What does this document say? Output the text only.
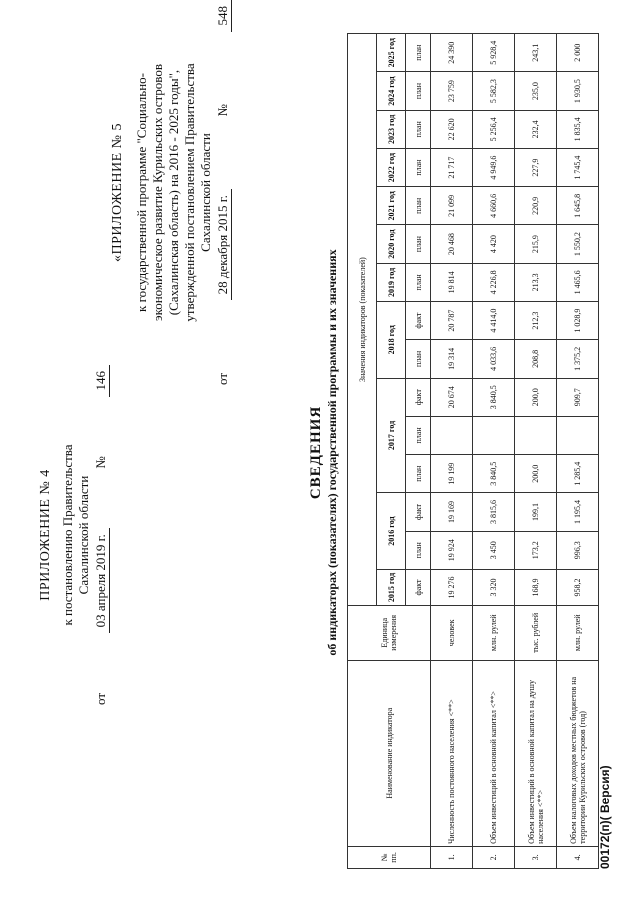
ПРИЛОЖЕНИЕ № 4 к постановлению Правительства Сахалинской области
от
03 апреля 2019 г.
№
146
«ПРИЛОЖЕНИЕ № 5 к государственной программе "Социально- экономическое развитие Курильских островов (Сахалинская область) на 2016 - 2025 годы", утвержденной постановлением Правительства Сахалинской области
от
28 декабря 2015 г.
№
548
СВЕДЕНИЯ об индикаторах (показателях) государственной программы и их значениях
№ пп.	Наименование индикатора	Единица измерения	Значения индикаторов (показателей)														
			2015 год	2016 год		2017 год			2018 год		2019 год	2020 год	2021 год	2022 год	2023 год	2024 год	2025 год
			факт	план	факт	план	план	факт	план	факт	план	план	план	план	план	план	план
1.	Численность постоянного населения <**>	человек	19 276	19 924	19 169	19 199		20 674	19 314	20 787	19 814	20 468	21 099	21 717	22 620	23 759	24 390
2.	Объем инвестиций в основной капитал <**>	млн. рулей	3 320	3 450	3 815,6	3 840,5		3 840,5	4 033,6	4 414,0	4 226,8	4 420	4 660,6	4 949,6	5 256,4	5 582,3	5 928,4
3.	Объем инвестиций в основной капитал на душу населения <**>	тыс. рублей	168,9	173,2	199,1	200,0		200,0	208,8	212,3	213,3	215,9	220,9	227,9	232,4	235,0	243,1
4.	Объем налоговых доходов местных бюджетов на территории Курильских островов (год)	млн. рулей	958,2	996,3	1 195,4	1 285,4		909,7	1 375,2	1 028,9	1 465,6	1 550,2	1 645,8	1 745,4	1 835,4	1 930,5	2 000
00172(п)( Версия)
